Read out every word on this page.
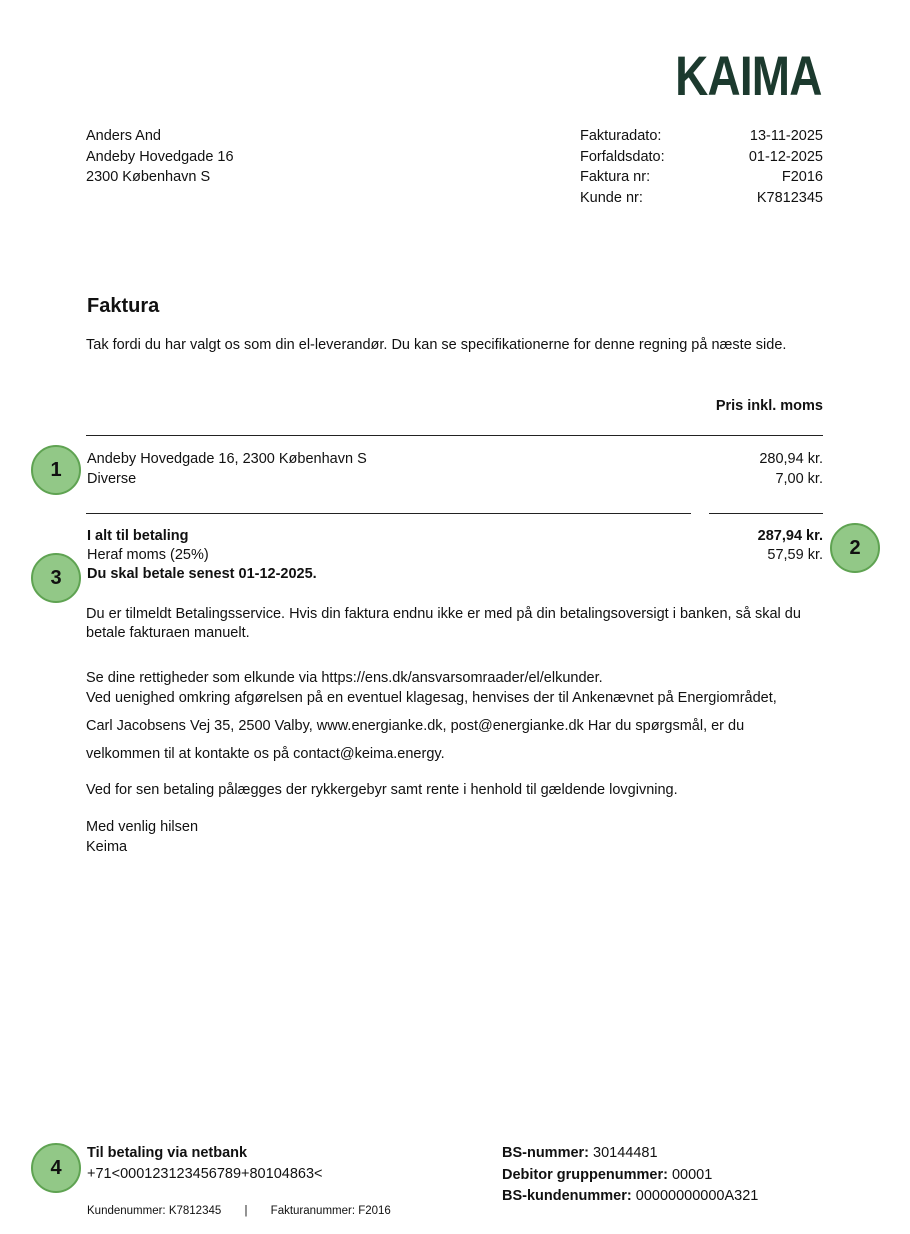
KAIMA
Anders And
Andeby Hovedgade 16
2300 København S
Fakturadato:	13-11-2025
Forfaldsdato:	01-12-2025
Faktura nr:	F2016
Kunde nr:	K7812345
Faktura
Tak fordi du har valgt os som din el-leverandør. Du kan se specifikationerne for denne regning på næste side.
Pris inkl. moms
Andeby Hovedgade 16, 2300 København S	280,94 kr.
Diverse	7,00 kr.
I alt til betaling	287,94 kr.
Heraf moms (25%)	57,59 kr.
Du skal betale senest 01-12-2025.
Du er tilmeldt Betalingsservice. Hvis din faktura endnu ikke er med på din betalingsoversigt i banken, så skal du betale fakturaen manuelt.
Se dine rettigheder som elkunde via https://ens.dk/ansvarsomraader/el/elkunder.
Ved uenighed omkring afgørelsen på en eventuel klagesag, henvises der til Ankenævnet på Energiområdet,
Carl Jacobsens Vej 35, 2500 Valby, www.energianke.dk, post@energianke.dk Har du spørgsmål, er du
velkommen til at kontakte os på contact@keima.energy.
Ved for sen betaling pålægges der rykkergebyr samt rente i henhold til gældende lovgivning.
Med venlig hilsen
Keima
1
2
3
4
Til betaling via netbank
+71<000123123456789+80104863<
BS-nummer: 30144481
Debitor gruppenummer: 00001
BS-kundenummer: 00000000000A321
Kundenummer: K7812345 | Fakturanummer: F2016
